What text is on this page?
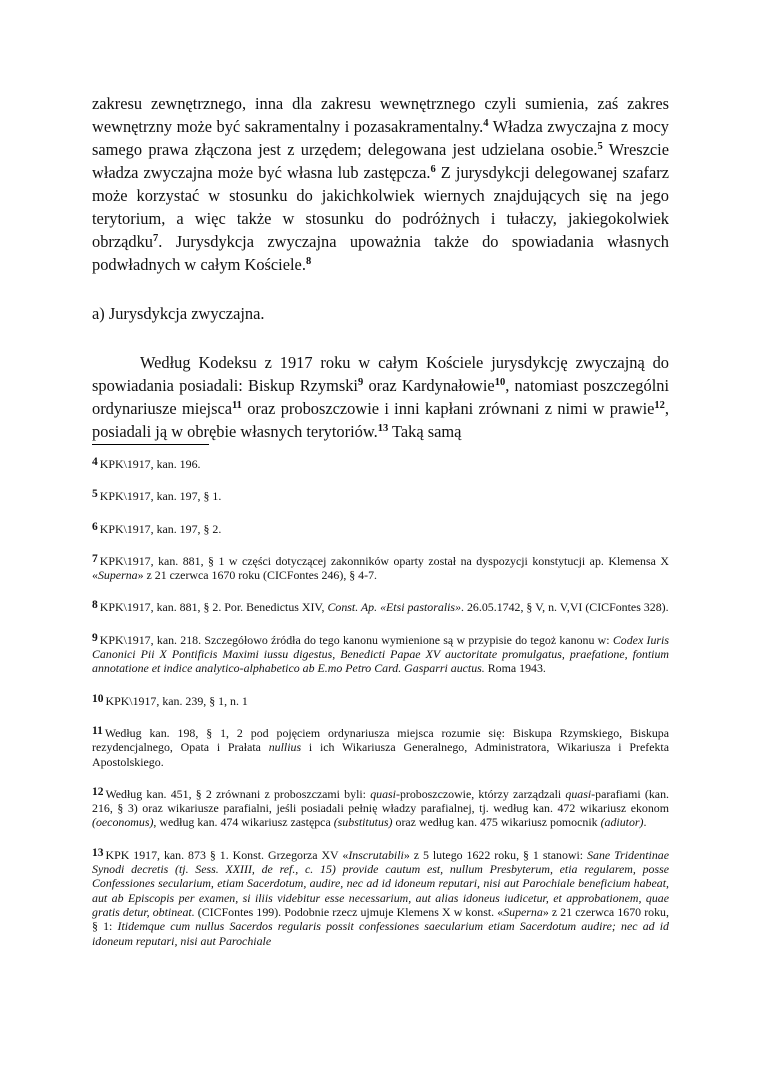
zakresu zewnętrznego, inna dla zakresu wewnętrznego czyli sumienia, zaś zakres wewnętrzny może być sakramentalny i pozasakramentalny.$^4$ Władza zwyczajna z mocy samego prawa złączona jest z urzędem; delegowana jest udzielana osobie.$^5$ Wreszcie władza zwyczajna może być własna lub zastępcza.$^6$ Z jurysdykcji delegowanej szafarz może korzystać w stosunku do jakichkolwiek wiernych znajdujących się na jego terytorium, a więc także w stosunku do podróżnych i tułaczy, jakiegokolwiek obrządku$^7$. Jurysdykcja zwyczajna upoważnia także do spowiadania własnych podwładnych w całym Kościele.$^8$

a) Jurysdykcja zwyczajna.

Według Kodeksu z 1917 roku w całym Kościele jurysdykcję zwyczajną do spowiadania posiadali: Biskup Rzymski$^9$ oraz Kardynałowie$^{10}$, natomiast poszczególni ordynariusze miejsca$^{11}$ oraz proboszczowie i inni kapłani zrównani z nimi w prawie$^{12}$, posiadali ją w obrębie własnych terytoriów.$^{13}$ Taką samą

4 KPK\1917, kan. 196.

5 KPK\1917, kan. 197, § 1.

6 KPK\1917, kan. 197, § 2.

7 KPK\1917, kan. 881, § 1 w części dotyczącej zakonników oparty został na dyspozycji konstytucji ap. Klemensa X «Superna» z 21 czerwca 1670 roku (CICFontes 246), § 4-7.

8 KPK\1917, kan. 881, § 2. Por. Benedictus XIV, Const. Ap. «Etsi pastoralis». 26.05.1742, § V, n. V,VI (CICFontes 328).

9 KPK\1917, kan. 218. Szczegółowo źródła do tego kanonu wymienione są w przypisie do tegoż kanonu w: Codex Iuris Canonici Pii X Pontificis Maximi iussu digestus, Benedicti Papae XV auctoritate promulgatus, praefatione, fontium annotatione et indice analytico-alphabetico ab E.mo Petro Card. Gasparri auctus. Roma 1943.

10 KPK\1917, kan. 239, § 1, n. 1

11 Według kan. 198, § 1, 2 pod pojęciem ordynariusza miejsca rozumie się: Biskupa Rzymskiego, Biskupa rezydencjalnego, Opata i Prałata nullius i ich Wikariusza Generalnego, Administratora, Wikariusza i Prefekta Apostolskiego.

12 Według kan. 451, § 2 zrównani z proboszczami byli: quasi-proboszczowie, którzy zarządzali quasi-parafiami (kan. 216, § 3) oraz wikariusze parafialni, jeśli posiadali pełnię władzy parafialnej, tj. według kan. 472 wikariusz ekonom (oeconomus), według kan. 474 wikariusz zastępca (substitutus) oraz według kan. 475 wikariusz pomocnik (adiutor).

13 KPK 1917, kan. 873 § 1. Konst. Grzegorza XV «Inscrutabili» z 5 lutego 1622 roku, § 1 stanowi: Sane Tridentinae Synodi decretis (tj. Sess. XXIII, de ref., c. 15) provide cautum est, nullum Presbyterum, etia regularem, posse Confessiones secularium, etiam Sacerdotum, audire, nec ad id idoneum reputari, nisi aut Parochiale beneficium habeat, aut ab Episcopis per examen, si iliis videbitur esse necessarium, aut alias idoneus iudicetur, et approbationem, quae gratis detur, obtineat. (CICFontes 199). Podobnie rzecz ujmuje Klemens X w konst. «Superna» z 21 czerwca 1670 roku, § 1: Itidemque cum nullus Sacerdos regularis possit confessiones saecularium etiam Sacerdotum audire; nec ad id idoneum reputari, nisi aut Parochiale
